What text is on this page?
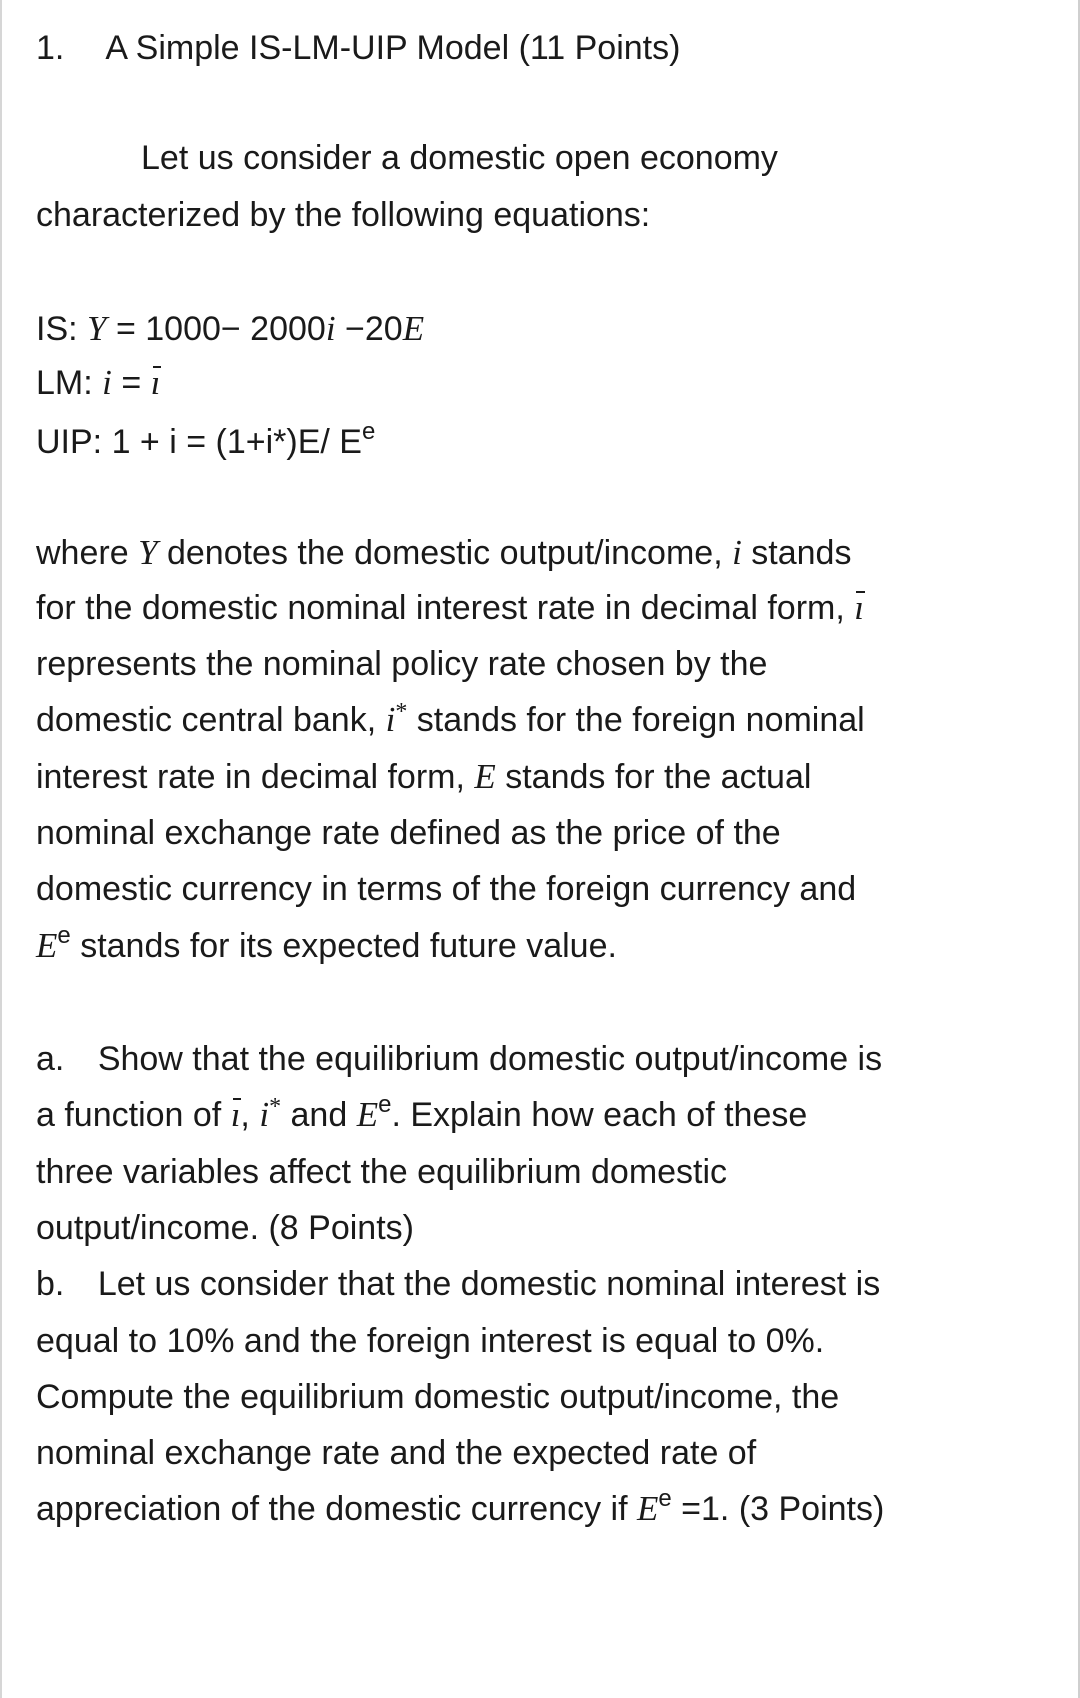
1. A Simple IS-LM-UIP Model (11 Points)
Let us consider a domestic open economy
characterized by the following equations:
IS: Y = 1000− 2000i −20E
LM: i = ı
UIP: 1 + i = (1+i*)E/ $E^e$
where Y denotes the domestic output/income, i stands
for the domestic nominal interest rate in decimal form, ı
represents the nominal policy rate chosen by the
domestic central bank, i* stands for the foreign nominal
interest rate in decimal form, E stands for the actual
nominal exchange rate defined as the price of the
domestic currency in terms of the foreign currency and
$E^e$ stands for its expected future value.
a. Show that the equilibrium domestic output/income is
a function of ı, i* and $E^e$. Explain how each of these
three variables affect the equilibrium domestic
output/income. (8 Points)
b. Let us consider that the domestic nominal interest is
equal to 10% and the foreign interest is equal to 0%.
Compute the equilibrium domestic output/income, the
nominal exchange rate and the expected rate of
appreciation of the domestic currency if $E^e =1$. (3 Points)
